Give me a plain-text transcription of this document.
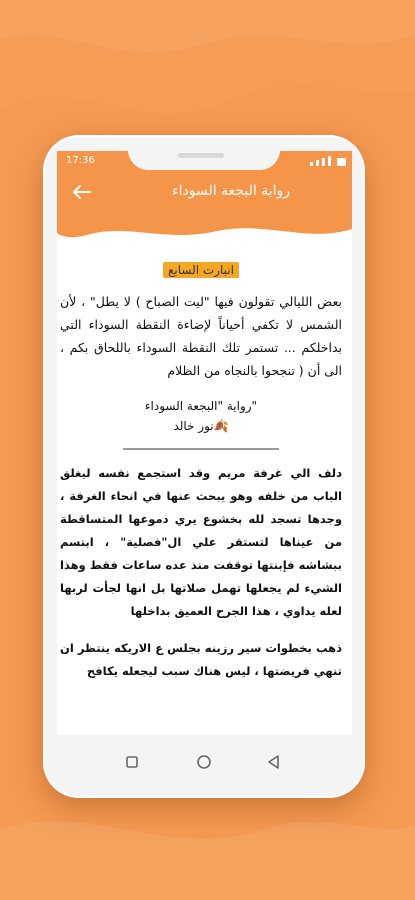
17:36
رواية البجعة السوداء
انبارت السابع

بعض الليالي تقولون فيها "ليت الصباح ) لا يطل" ، لأن الشمس لا تكفي أحياناً لإضاءة النقطة السوداء التي بداخلكم ... تستمر تلك النقطة السوداء باللحاق بكم ، الى أن ( تنجحوا بالنجاه من الظلام

"رواية "البجعة السوداء
🍂نور خالد

دلف الي غرفة مريم وقد استجمع نفسه ليغلق الباب من خلفه وهو يبحث عنها في انحاء الغرفة ، وجدها تسجد لله بخشوع يري دموعها المتساقطة من عيناها لتستقر علي ال"فصلية" ، ابتسم ببشاشه فإبنتها توقفت منذ عده ساعات فقط وهذا الشيء لم يجعلها تهمل صلاتها بل انها لجأت لربها لعله يداوي ، هذا الجرح العميق بداخلها

ذهب بخطوات سير رزينه بجلس ع الاريكه ينتظر ان تنهي فريضتها ، ليس هناك سبب ليجعله يكافح
